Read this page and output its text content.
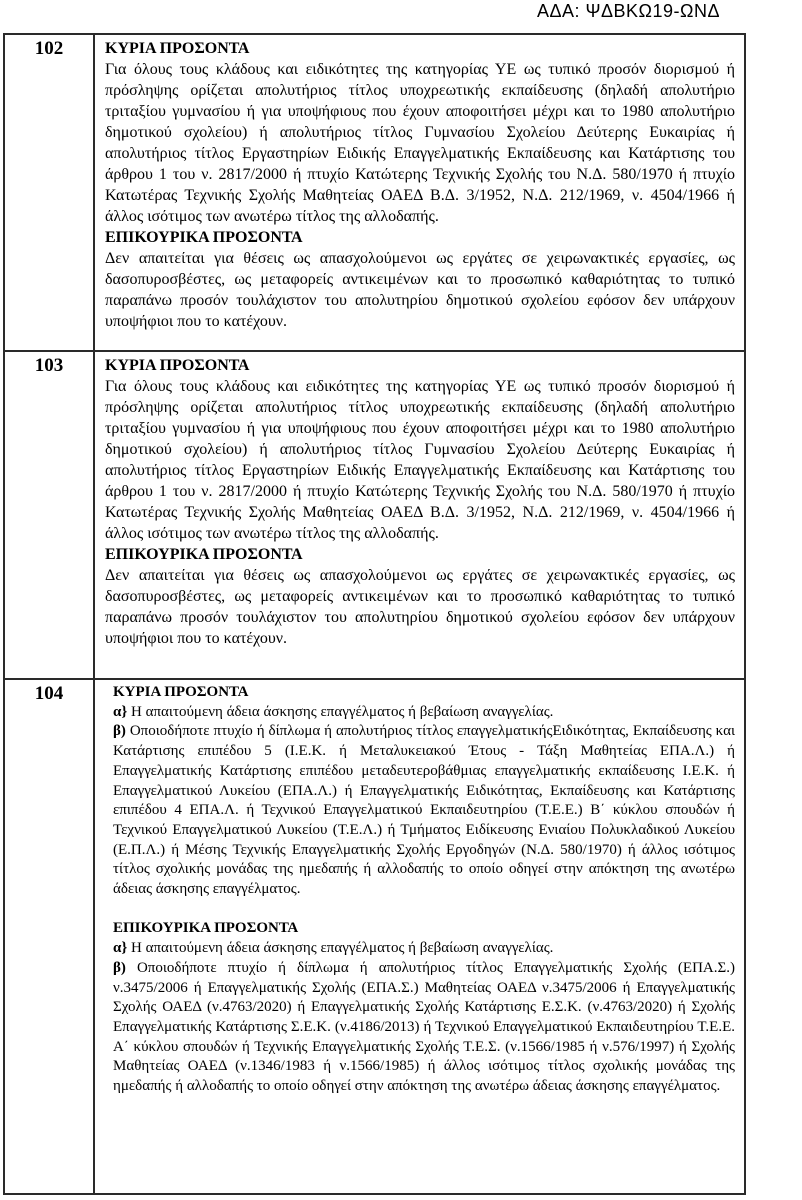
ΑΔΑ: ΨΔΒΚΩ19-ΩΝΔ
102	ΚΥΡΙΑ ΠΡΟΣΟΝΤΑ

Για όλους τους κλάδους και ειδικότητες της κατηγορίας ΥΕ ως τυπικό προσόν διορισμού ή πρόσληψης ορίζεται απολυτήριος τίτλος υποχρεωτικής εκπαίδευσης (δηλαδή απολυτήριο τριταξίου γυμνασίου ή για υποψήφιους που έχουν αποφοιτήσει μέχρι και το 1980 απολυτήριο δημοτικού σχολείου) ή απολυτήριος τίτλος Γυμνασίου Σχολείου Δεύτερης Ευκαιρίας ή απολυτήριος τίτλος Εργαστηρίων Ειδικής Επαγγελματικής Εκπαίδευσης και Κατάρτισης του άρθρου 1 του ν. 2817/2000 ή πτυχίο Κατώτερης Τεχνικής Σχολής του Ν.Δ. 580/1970 ή πτυχίο Κατωτέρας Τεχνικής Σχολής Μαθητείας ΟΑΕΔ Β.Δ. 3/1952, Ν.Δ. 212/1969, ν. 4504/1966 ή άλλος ισότιμος των ανωτέρω τίτλος της αλλοδαπής.

ΕΠΙΚΟΥΡΙΚΑ ΠΡΟΣΟΝΤΑ

Δεν απαιτείται για θέσεις ως απασχολούμενοι ως εργάτες σε χειρωνακτικές εργασίες, ως δασοπυροσβέστες, ως μεταφορείς αντικειμένων και το προσωπικό καθαριότητας το τυπικό παραπάνω προσόν τουλάχιστον του απολυτηρίου δημοτικού σχολείου εφόσον δεν υπάρχουν υποψήφιοι που το κατέχουν.

103	ΚΥΡΙΑ ΠΡΟΣΟΝΤΑ

Για όλους τους κλάδους και ειδικότητες της κατηγορίας ΥΕ ως τυπικό προσόν διορισμού ή πρόσληψης ορίζεται απολυτήριος τίτλος υποχρεωτικής εκπαίδευσης (δηλαδή απολυτήριο τριταξίου γυμνασίου ή για υποψήφιους που έχουν αποφοιτήσει μέχρι και το 1980 απολυτήριο δημοτικού σχολείου) ή απολυτήριος τίτλος Γυμνασίου Σχολείου Δεύτερης Ευκαιρίας ή απολυτήριος τίτλος Εργαστηρίων Ειδικής Επαγγελματικής Εκπαίδευσης και Κατάρτισης του άρθρου 1 του ν. 2817/2000 ή πτυχίο Κατώτερης Τεχνικής Σχολής του Ν.Δ. 580/1970 ή πτυχίο Κατωτέρας Τεχνικής Σχολής Μαθητείας ΟΑΕΔ Β.Δ. 3/1952, Ν.Δ. 212/1969, ν. 4504/1966 ή άλλος ισότιμος των ανωτέρω τίτλος της αλλοδαπής.

ΕΠΙΚΟΥΡΙΚΑ ΠΡΟΣΟΝΤΑ

Δεν απαιτείται για θέσεις ως απασχολούμενοι ως εργάτες σε χειρωνακτικές εργασίες, ως δασοπυροσβέστες, ως μεταφορείς αντικειμένων και το προσωπικό καθαριότητας το τυπικό παραπάνω προσόν τουλάχιστον του απολυτηρίου δημοτικού σχολείου εφόσον δεν υπάρχουν υποψήφιοι που το κατέχουν.

104	ΚΥΡΙΑ ΠΡΟΣΟΝΤΑ

α} Η απαιτούμενη άδεια άσκησης επαγγέλματος ή βεβαίωση αναγγελίας.

β) Οποιοδήποτε πτυχίο ή δίπλωμα ή απολυτήριος τίτλος επαγγελματικήςΕιδικότητας, Εκπαίδευσης και Κατάρτισης επιπέδου 5 (Ι.Ε.Κ. ή Μεταλυκειακού Έτους - Τάξη Μαθητείας ΕΠΑ.Λ.) ή Επαγγελματικής Κατάρτισης επιπέδου μεταδευτεροβάθμιας επαγγελματικής εκπαίδευσης Ι.Ε.Κ. ή Επαγγελματικού Λυκείου (ΕΠΑ.Λ.) ή Επαγγελματικής Ειδικότητας, Εκπαίδευσης και Κατάρτισης επιπέδου 4 ΕΠΑ.Λ. ή Τεχνικού Επαγγελματικού Εκπαιδευτηρίου (Τ.Ε.Ε.) Β΄ κύκλου σπουδών ή Τεχνικού Επαγγελματικού Λυκείου (Τ.Ε.Λ.) ή Τμήματος Ειδίκευσης Ενιαίου Πολυκλαδικού Λυκείου (Ε.Π.Λ.) ή Μέσης Τεχνικής Επαγγελματικής Σχολής Εργοδηγών (Ν.Δ. 580/1970) ή άλλος ισότιμος τίτλος σχολικής μονάδας της ημεδαπής ή αλλοδαπής το οποίο οδηγεί στην απόκτηση της ανωτέρω άδειας άσκησης επαγγέλματος.

ΕΠΙΚΟΥΡΙΚΑ ΠΡΟΣΟΝΤΑ

α} Η απαιτούμενη άδεια άσκησης επαγγέλματος ή βεβαίωση αναγγελίας.

β) Οποιοδήποτε πτυχίο ή δίπλωμα ή απολυτήριος τίτλος Επαγγελματικής Σχολής (ΕΠΑ.Σ.) ν.3475/2006 ή Επαγγελματικής Σχολής (ΕΠΑ.Σ.) Μαθητείας ΟΑΕΔ ν.3475/2006 ή Επαγγελματικής Σχολής ΟΑΕΔ (ν.4763/2020) ή Επαγγελματικής Σχολής Κατάρτισης Ε.Σ.Κ. (ν.4763/2020) ή Σχολής Επαγγελματικής Κατάρτισης Σ.Ε.Κ. (ν.4186/2013) ή Τεχνικού Επαγγελματικού Εκπαιδευτηρίου Τ.Ε.Ε. Α΄ κύκλου σπουδών ή Τεχνικής Επαγγελματικής Σχολής Τ.Ε.Σ. (ν.1566/1985 ή ν.576/1997) ή Σχολής Μαθητείας ΟΑΕΔ (ν.1346/1983 ή ν.1566/1985) ή άλλος ισότιμος τίτλος σχολικής μονάδας της ημεδαπής ή αλλοδαπής το οποίο οδηγεί στην απόκτηση της ανωτέρω άδειας άσκησης επαγγέλματος.
